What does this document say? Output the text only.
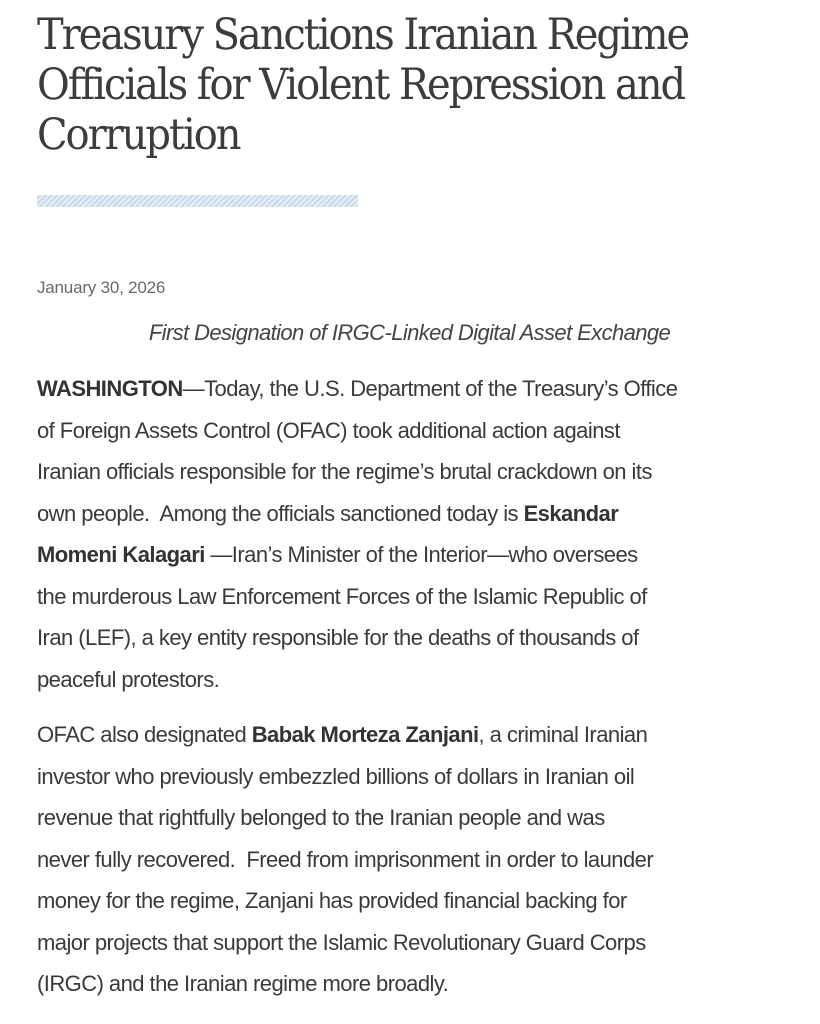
Treasury Sanctions Iranian Regime
Officials for Violent Repression and
Corruption
January 30, 2026
First Designation of IRGC-Linked Digital Asset Exchange
WASHINGTON—Today, the U.S. Department of the Treasury’s Office
of Foreign Assets Control (OFAC) took additional action against
Iranian officials responsible for the regime’s brutal crackdown on its
own people.  Among the officials sanctioned today is Eskandar
Momeni Kalagari —Iran’s Minister of the Interior—who oversees
the murderous Law Enforcement Forces of the Islamic Republic of
Iran (LEF), a key entity responsible for the deaths of thousands of
peaceful protestors.
OFAC also designated Babak Morteza Zanjani, a criminal Iranian
investor who previously embezzled billions of dollars in Iranian oil
revenue that rightfully belonged to the Iranian people and was
never fully recovered.  Freed from imprisonment in order to launder
money for the regime, Zanjani has provided financial backing for
major projects that support the Islamic Revolutionary Guard Corps
(IRGC) and the Iranian regime more broadly.
